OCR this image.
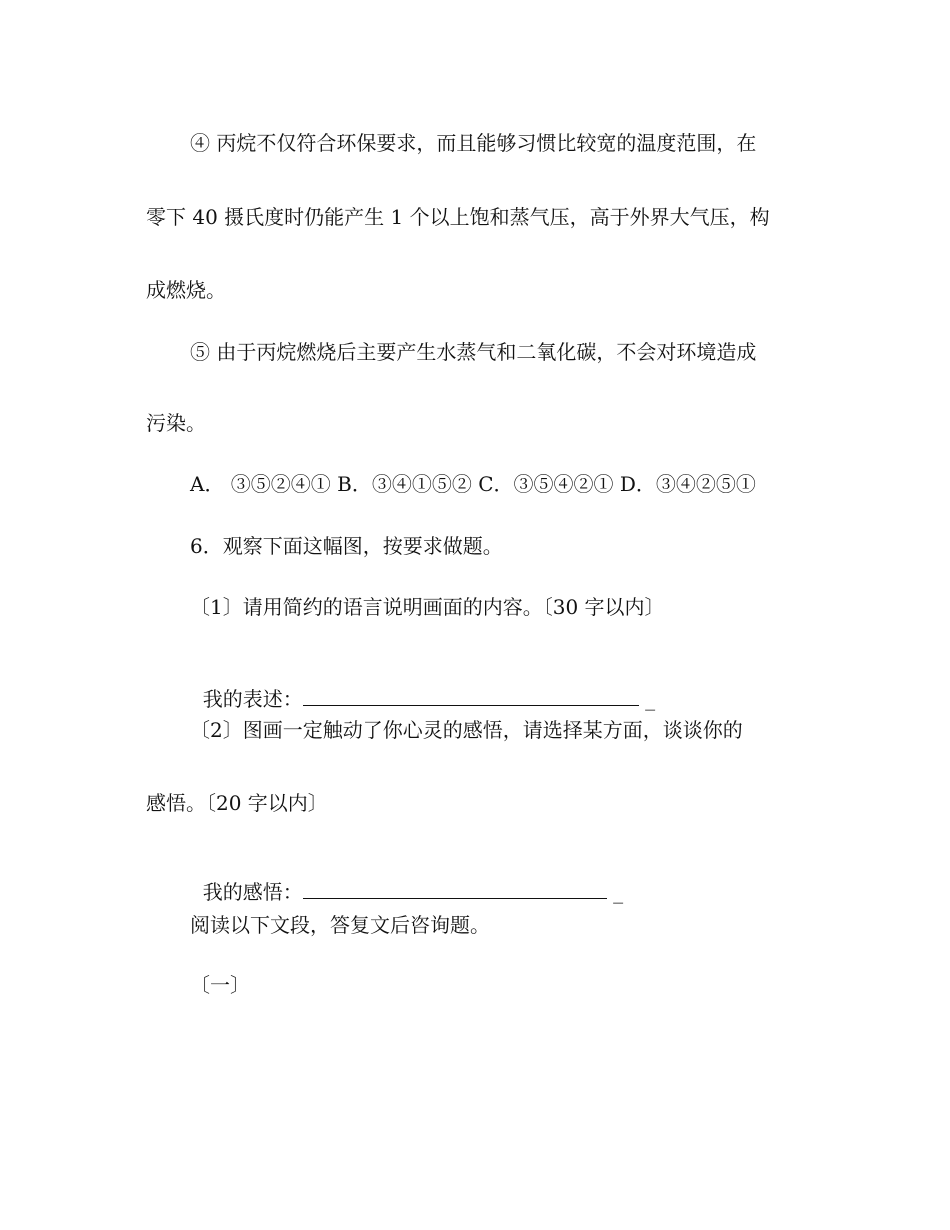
④ 丙烷不仅符合环保要求，而且能够习惯比较宽的温度范围，在
零下 40 摄氏度时仍能产生 1 个以上饱和蒸气压，高于外界大气压，构
成燃烧。
⑤ 由于丙烷燃烧后主要产生水蒸气和二氧化碳，不会对环境造成
污染。
A． ③⑤②④① B．③④①⑤② C．③⑤④②① D．③④②⑤①
6．观察下面这幅图，按要求做题。
〔1〕请用简约的语言说明画面的内容。〔30 字以内〕

我的表述：	_

〔2〕图画一定触动了你心灵的感悟，请选择某方面，谈谈你的
感悟。〔20 字以内〕

我的感悟：	_

阅读以下文段，答复文后咨询题。
〔一〕
